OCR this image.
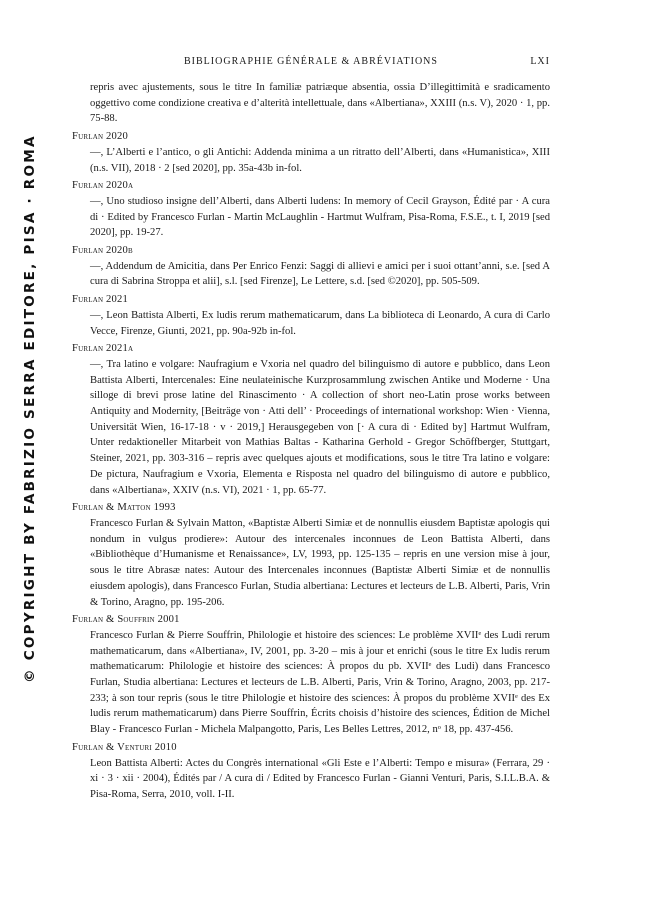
BIBLIOGRAPHIE GÉNÉRALE & ABRÉVIATIONS	LXI
© COPYRIGHT BY FABRIZIO SERRA EDITORE, PISA · ROMA
repris avec ajustements, sous le titre In familiæ patriæque absentia, ossia D’illegittimità e sradicamento oggettivo come condizione creativa e d’alterità intellettuale, dans «Albertiana», XXIII (n.s. V), 2020 · 1, pp. 75-88.
Furlan 2020
—, L’Alberti e l’antico, o gli Antichi: Addenda minima a un ritratto dell’Alberti, dans «Humanistica», XIII (n.s. VII), 2018 · 2 [sed 2020], pp. 35a-43b in-fol.
Furlan 2020a
—, Uno studioso insigne dell’Alberti, dans Alberti ludens: In memory of Cecil Grayson, Édité par · A cura di · Edited by Francesco Furlan - Martin McLaughlin - Hartmut Wulfram, Pisa-Roma, F.S.E., t. I, 2019 [sed 2020], pp. 19-27.
Furlan 2020b
—, Addendum de Amicitia, dans Per Enrico Fenzi: Saggi di allievi e amici per i suoi ottant’anni, s.e. [sed A cura di Sabrina Stroppa et alii], s.l. [sed Firenze], Le Lettere, s.d. [sed ©2020], pp. 505-509.
Furlan 2021
—, Leon Battista Alberti, Ex ludis rerum mathematicarum, dans La biblioteca di Leonardo, A cura di Carlo Vecce, Firenze, Giunti, 2021, pp. 90a-92b in-fol.
Furlan 2021a
—, Tra latino e volgare: Naufragium e Vxoria nel quadro del bilinguismo di autore e pubblico, dans Leon Battista Alberti, Intercenales: Eine neulateinische Kurzprosammlung zwischen Antike und Moderne · Una silloge di brevi prose latine del Rinascimento · A collection of short neo-Latin prose works between Antiquity and Modernity, [Beiträge von · Atti dell’ · Proceedings of international workshop: Wien · Vienna, Universität Wien, 16-17-18 · v · 2019,] Herausgegeben von [· A cura di · Edited by] Hartmut Wulfram, Unter redaktioneller Mitarbeit von Mathias Baltas - Katharina Gerhold - Gregor Schöffberger, Stuttgart, Steiner, 2021, pp. 303-316 – repris avec quelques ajouts et modifications, sous le titre Tra latino e volgare: De pictura, Naufragium e Vxoria, Elementa e Risposta nel quadro del bilinguismo di autore e pubblico, dans «Albertiana», XXIV (n.s. VI), 2021 · 1, pp. 65-77.
Furlan & Matton 1993
Francesco Furlan & Sylvain Matton, «Baptistæ Alberti Simiæ et de nonnullis eiusdem Baptistæ apologis qui nondum in vulgus prodiere»: Autour des intercenales inconnues de Leon Battista Alberti, dans «Bibliothèque d’Humanisme et Renaissance», LV, 1993, pp. 125-135 – repris en une version mise à jour, sous le titre Abrasæ nates: Autour des Intercenales inconnues (Baptistæ Alberti Simiæ et de nonnullis eiusdem apologis), dans Francesco Furlan, Studia albertiana: Lectures et lecteurs de L.B. Alberti, Paris, Vrin & Torino, Aragno, pp. 195-206.
Furlan & Souffrin 2001
Francesco Furlan & Pierre Souffrin, Philologie et histoire des sciences: Le problème XVIIᵉ des Ludi rerum mathematicarum, dans «Albertiana», IV, 2001, pp. 3-20 – mis à jour et enrichi (sous le titre Ex ludis rerum mathematicarum: Philologie et histoire des sciences: À propos du pb. XVIIᵉ des Ludi) dans Francesco Furlan, Studia albertiana: Lectures et lecteurs de L.B. Alberti, Paris, Vrin & Torino, Aragno, 2003, pp. 217-233; à son tour repris (sous le titre Philologie et histoire des sciences: À propos du problème XVIIᵉ des Ex ludis rerum mathematicarum) dans Pierre Souffrin, Écrits choisis d’histoire des sciences, Édition de Michel Blay - Francesco Furlan - Michela Malpangotto, Paris, Les Belles Lettres, 2012, nᵒ 18, pp. 437-456.
Furlan & Venturi 2010
Leon Battista Alberti: Actes du Congrès international «Gli Este e l’Alberti: Tempo e misura» (Ferrara, 29 · xi · 3 · xii · 2004), Édités par / A cura di / Edited by Francesco Furlan - Gianni Venturi, Paris, S.I.L.B.A. & Pisa-Roma, Serra, 2010, voll. I-II.
